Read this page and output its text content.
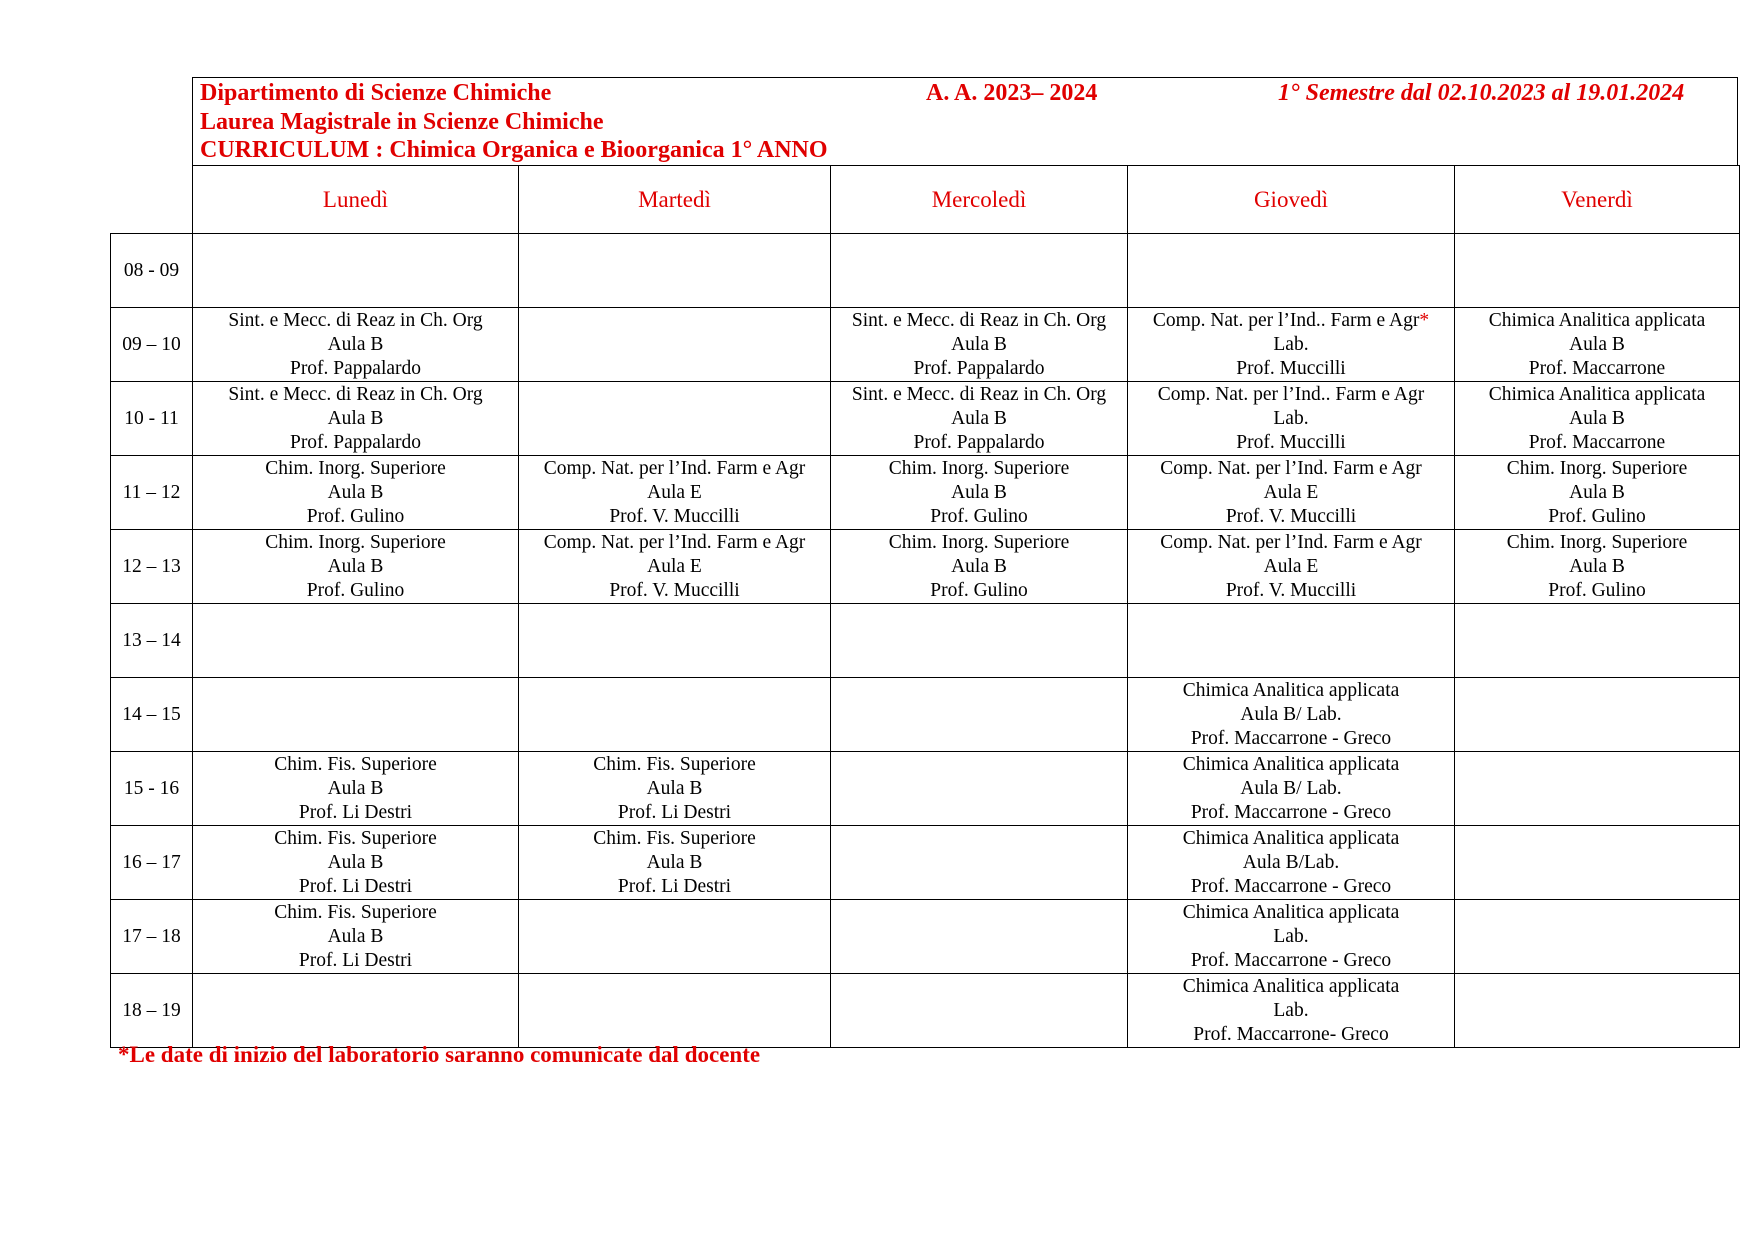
Dipartimento di Scienze Chimiche
Laurea Magistrale in Scienze Chimiche
CURRICULUM : Chimica Organica e Bioorganica 1° ANNO
A. A. 2023– 2024	1° Semestre dal 02.10.2023 al 19.01.2024
	Lunedì	Martedì	Mercoledì	Giovedì	Venerdì
08 - 09					
09 – 10	Sint. e Mecc. di Reaz in Ch. Org
Aula B
Prof. Pappalardo		Sint. e Mecc. di Reaz in Ch. Org
Aula B
Prof. Pappalardo	Comp. Nat. per l’Ind.. Farm e Agr*
Lab.
Prof. Muccilli	Chimica Analitica applicata
Aula B
Prof. Maccarrone

10 - 11	Sint. e Mecc. di Reaz in Ch. Org
Aula B
Prof. Pappalardo		Sint. e Mecc. di Reaz in Ch. Org
Aula B
Prof. Pappalardo	Comp. Nat. per l’Ind.. Farm e Agr
Lab.
Prof. Muccilli	Chimica Analitica applicata
Aula B
Prof. Maccarrone

11 – 12	Chim. Inorg. Superiore
Aula B
Prof. Gulino	Comp. Nat. per l’Ind. Farm e Agr
Aula E
Prof. V. Muccilli	Chim. Inorg. Superiore
Aula B
Prof. Gulino	Comp. Nat. per l’Ind. Farm e Agr
Aula E
Prof. V. Muccilli	Chim. Inorg. Superiore
Aula B
Prof. Gulino

12 – 13	Chim. Inorg. Superiore
Aula B
Prof. Gulino	Comp. Nat. per l’Ind. Farm e Agr
Aula E
Prof. V. Muccilli	Chim. Inorg. Superiore
Aula B
Prof. Gulino	Comp. Nat. per l’Ind. Farm e Agr
Aula E
Prof. V. Muccilli	Chim. Inorg. Superiore
Aula B
Prof. Gulino

13 – 14					
14 – 15				Chimica Analitica applicata
Aula B/ Lab.
Prof. Maccarrone - Greco	

15 - 16	Chim. Fis. Superiore
Aula B
Prof. Li Destri	Chim. Fis. Superiore
Aula B
Prof. Li Destri		Chimica Analitica applicata
Aula B/ Lab.
Prof. Maccarrone - Greco	

16 – 17	Chim. Fis. Superiore
Aula B
Prof. Li Destri	Chim. Fis. Superiore
Aula B
Prof. Li Destri		Chimica Analitica applicata
Aula B/Lab.
Prof. Maccarrone - Greco	

17 – 18	Chim. Fis. Superiore
Aula B
Prof. Li Destri			Chimica Analitica applicata
Lab.
Prof. Maccarrone - Greco	

18 – 19				Chimica Analitica applicata
Lab.
Prof. Maccarrone- Greco	

*Le date di inizio del laboratorio saranno comunicate dal docente
